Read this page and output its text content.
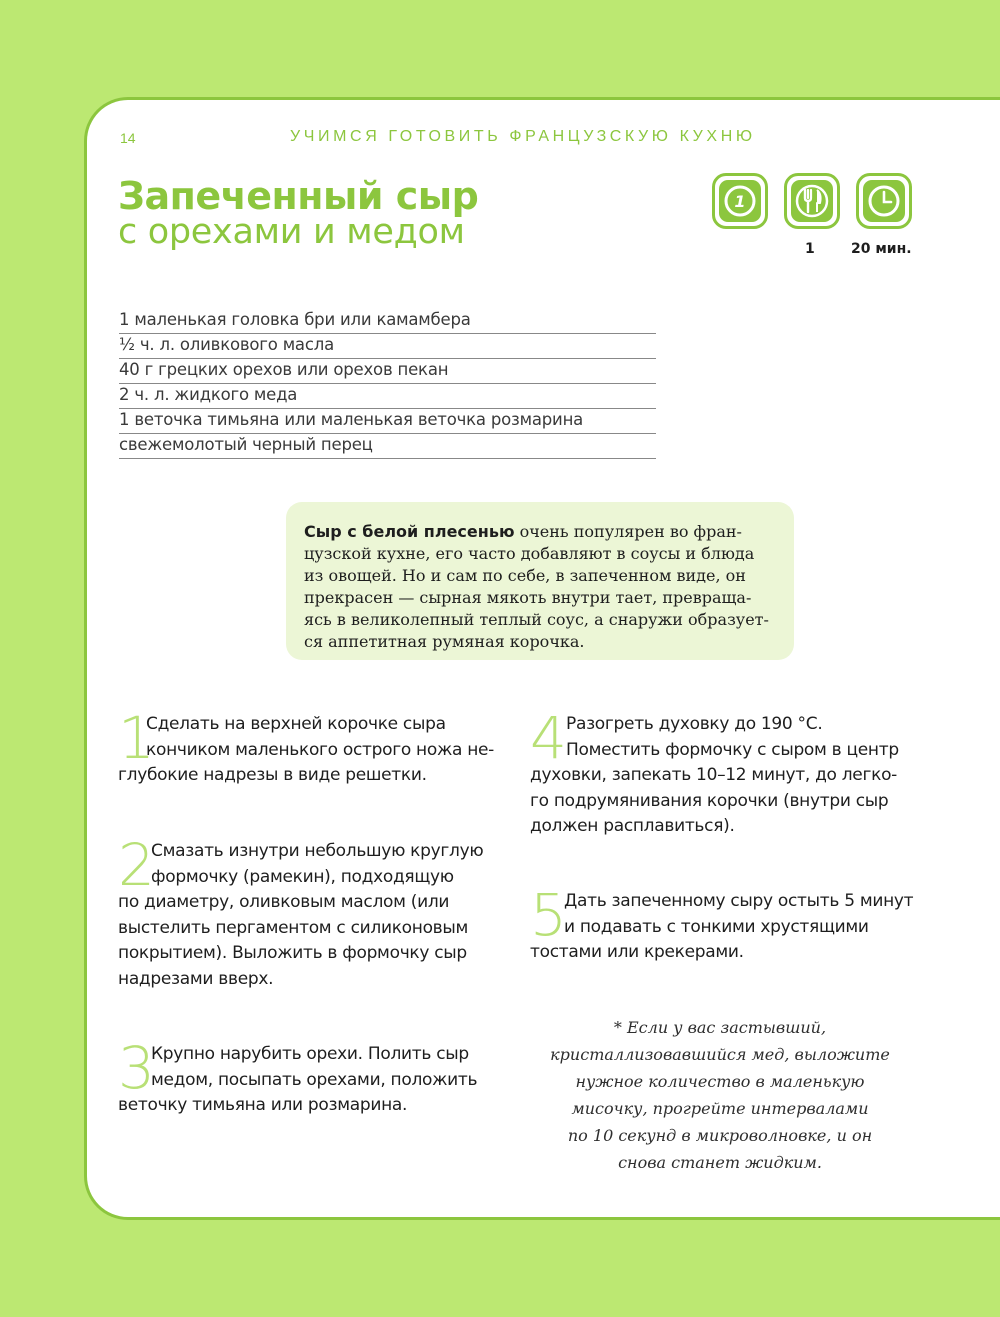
14	УЧИМСЯ ГОТОВИТЬ ФРАНЦУЗСКУЮ КУХНЮ
Запеченный сыр
с орехами и медом
1
1	20 мин.
1 маленькая головка бри или камамбера
½ ч. л. оливкового масла
40 г грецких орехов или орехов пекан
2 ч. л. жидкого меда
1 веточка тимьяна или маленькая веточка розмарина
свежемолотый черный перец
Сыр с белой плесенью очень популярен во фран-
цузской кухне, его часто добавляют в соусы и блюда
из овощей. Но и сам по себе, в запеченном виде, он
прекрасен — сырная мякоть внутри тает, превраща-
ясь в великолепный теплый соус, а снаружи образует-
ся аппетитная румяная корочка.
1
Сделать на верхней корочке сыра
кончиком маленького острого ножа не-
глубокие надрезы в виде решетки.
2
Смазать изнутри небольшую круглую
формочку (рамекин), подходящую
по диаметру, оливковым маслом (или
выстелить пергаментом с силиконовым
покрытием). Выложить в формочку сыр
надрезами вверх.
3
Крупно нарубить орехи. Полить сыр
медом, посыпать орехами, положить
веточку тимьяна или розмарина.
4 Разогреть духовку до 190 °С.
Поместить формочку с сыром в центр
духовки, запекать 10–12 минут, до легко-
го подрумянивания корочки (внутри сыр
должен расплавиться).
5
Дать запеченному сыру остыть 5 минут
и подавать с тонкими хрустящими
тостами или крекерами.
* Если у вас застывший,
кристаллизовавшийся мед, выложите
нужное количество в маленькую
мисочку, прогрейте интервалами
по 10 секунд в микроволновке, и он
снова станет жидким.
